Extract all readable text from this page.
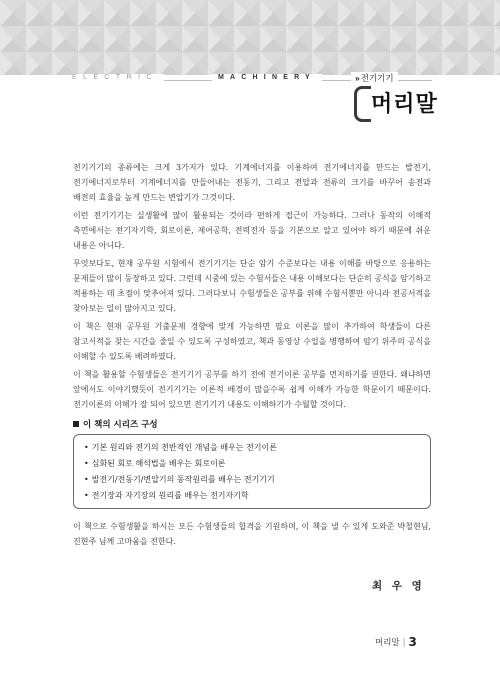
ELECTRIC	MACHINERY	» 전기기기
머리말

전기기기의 종류에는 크게 3가지가 있다. 기계에너지를 이용하여 전기에너지를 만드는 발전기, 전기에너지로부터 기계에너지를 만들어내는 전동기, 그리고 전압과 전류의 크기를 바꾸어 송전과 배전의 효율을 높게 만드는 변압기가 그것이다.

이런 전기기기는 실생활에 많이 활용되는 것이라 편하게 접근이 가능하다. 그러나 동작의 이해적 측면에서는 전기자기학, 회로이론, 제어공학, 전력전자 등을 기본으로 알고 있어야 하기 때문에 쉬운 내용은 아니다.

무엇보다도, 현재 공무원 시험에서 전기기기는 단순 암기 수준보다는 내용 이해를 바탕으로 응용하는 문제들이 많이 등장하고 있다. 그런데 시중에 있는 수험서들은 내용 이해보다는 단순히 공식을 암기하고 적용하는 데 초점이 맞추어져 있다. 그러다보니 수험생들은 공부를 위해 수험서뿐만 아니라 전공서적을 찾아보는 일이 많아지고 있다.

이 책은 현재 공무원 기출문제 경향에 맞게 가능하면 필요 이론을 많이 추가하여 학생들이 다른 참고서적을 찾는 시간을 줄일 수 있도록 구성하였고, 책과 동영상 수업을 병행하여 암기 위주의 공식을 이해할 수 있도록 배려하였다.

이 책을 활용할 수험생들은 전기기기 공부를 하기 전에 전기이론 공부를 먼저하기를 권한다. 왜냐하면 앞에서도 이야기했듯이 전기기기는 이론적 배경이 많을수록 쉽게 이해가 가능한 학문이기 때문이다. 전기이론의 이해가 잘 되어 있으면 전기기기 내용도 이해하기가 수월할 것이다.

이 책의 시리즈 구성
• 기본 원리와 전기의 전반적인 개념을 배우는 전기이론
• 심화된 회로 해석법을 배우는 회로이론
• 발전기/전동기/변압기의 동작원리를 배우는 전기기기
• 전기장과 자기장의 원리를 배우는 전기자기학

이 책으로 수험생활을 하시는 모든 수험생들의 합격을 기원하며, 이 책을 낼 수 있게 도와준 박철현님, 진현주 님께 고마움을 전한다.

최 우 영
머리말 | 3
